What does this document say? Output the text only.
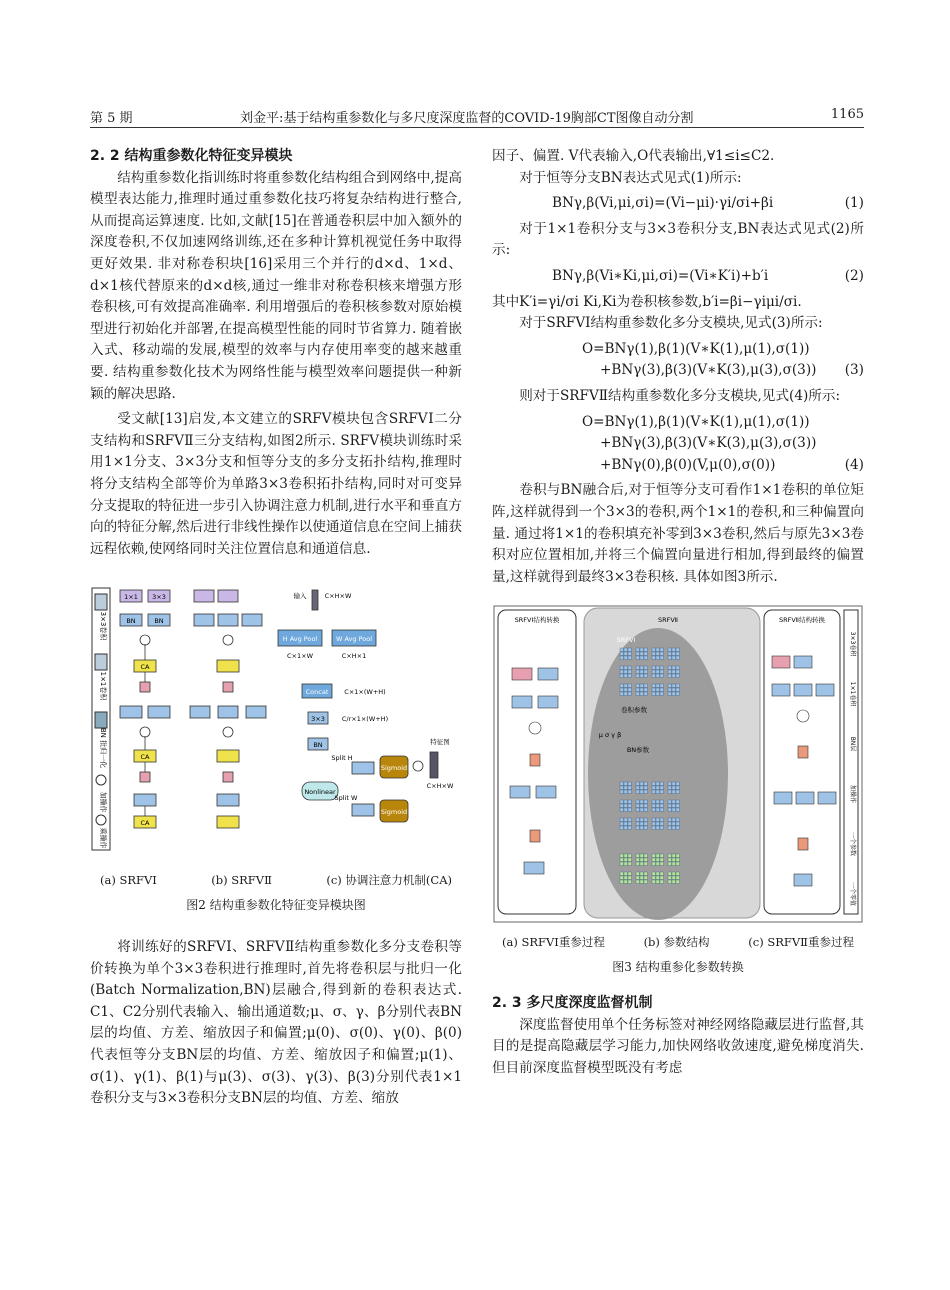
第 5 期	刘金平:基于结构重参数化与多尺度深度监督的COVID-19胸部CT图像自动分割	1165

2. 2 结构重参数化特征变异模块

结构重参数化指训练时将重参数化结构组合到网络中,提高模型表达能力,推理时通过重参数化技巧将复杂结构进行整合,从而提高运算速度. 比如,文献[15]在普通卷积层中加入额外的深度卷积,不仅加速网络训练,还在多种计算机视觉任务中取得更好效果. 非对称卷积块[16]采用三个并行的d×d、1×d、d×1核代替原来的d×d核,通过一维非对称卷积核来增强方形卷积核,可有效提高准确率. 利用增强后的卷积核参数对原始模型进行初始化并部署,在提高模型性能的同时节省算力. 随着嵌入式、移动端的发展,模型的效率与内存使用率变的越来越重要. 结构重参数化技术为网络性能与模型效率问题提供一种新颖的解决思路.

受文献[13]启发,本文建立的SRFV模块包含SRFVⅠ二分支结构和SRFVⅡ三分支结构,如图2所示. SRFV模块训练时采用1×1分支、3×3分支和恒等分支的多分支拓扑结构,推理时将分支结构全部等价为单路3×3卷积拓扑结构,同时对可变异分支提取的特征进一步引入协调注意力机制,进行水平和垂直方向的特征分解,然后进行非线性操作以使通道信息在空间上捕获远程依赖,使网络同时关注位置信息和通道信息.

3×3卷积
1×1卷积
BN 批归一化
加操作
乘操作
1×1 3×3
BN	BN
CA
CA
CA
输入	C×H×W
H Avg Pool	W Avg Pool
C×1×W	C×H×1
Concat C×1×(W+H)
3×3	C/r×1×(W+H)
BN
Nonlinear
Split H
Split W
Sigmoid
Sigmoid
特征图
C×H×W
(a) SRFVⅠ	(b) SRFVⅡ	(c) 协调注意力机制(CA)
图2 结构重参数化特征变异模块图

将训练好的SRFVⅠ、SRFVⅡ结构重参数化多分支卷积等价转换为单个3×3卷积进行推理时,首先将卷积层与批归一化(Batch Normalization,BN)层融合,得到新的卷积表达式. C1、C2分别代表输入、输出通道数;μ、σ、γ、β分别代表BN层的均值、方差、缩放因子和偏置;μ(0)、σ(0)、γ(0)、β(0)代表恒等分支BN层的均值、方差、缩放因子和偏置;μ(1)、σ(1)、γ(1)、β(1)与μ(3)、σ(3)、γ(3)、β(3)分别代表1×1卷积分支与3×3卷积分支BN层的均值、方差、缩放

因子、偏置. V代表输入,O代表输出,∀1≤i≤C2.

对于恒等分支BN表达式见式(1)所示:

BNγ,β(Vi,μi,σi)=(Vi−μi)·γi/σi+βi	(1)

对于1×1卷积分支与3×3卷积分支,BN表达式见式(2)所示:

BNγ,β(Vi∗Ki,μi,σi)=(Vi∗K′i)+b′i	(2)

其中K′i=γi/σi Ki,Ki为卷积核参数,b′i=βi−γiμi/σi.

对于SRFVⅠ结构重参数化多分支模块,见式(3)所示:

O=BNγ(1),β(1)(V∗K(1),μ(1),σ(1))
+BNγ(3),β(3)(V∗K(3),μ(3),σ(3)) (3)

则对于SRFVⅡ结构重参数化多分支模块,见式(4)所示:

O=BNγ(1),β(1)(V∗K(1),μ(1),σ(1))
+BNγ(3),β(3)(V∗K(3),μ(3),σ(3))
+BNγ(0),β(0)(V,μ(0),σ(0))	(4)

卷积与BN融合后,对于恒等分支可看作1×1卷积的单位矩阵,这样就得到一个3×3的卷积,两个1×1的卷积,和三种偏置向量. 通过将1×1的卷积填充补零到3×3卷积,然后与原先3×3卷积对应位置相加,并将三个偏置向量进行相加,得到最终的偏置量,这样就得到最终3×3卷积核. 具体如图3所示.

SRFVⅠ结构转换	SRFVⅡ	SRFVⅡ结构转换
SRFVⅠ
卷积参数
BN参数
μ σ γ β
3×3卷积
1×1卷积
BN层
加操作
一个参数
一个零值
(a) SRFVⅠ重参过程	(b) 参数结构	(c) SRFVⅡ重参过程
图3 结构重参化参数转换

2. 3 多尺度深度监督机制

深度监督使用单个任务标签对神经网络隐藏层进行监督,其目的是提高隐藏层学习能力,加快网络收敛速度,避免梯度消失. 但目前深度监督模型既没有考虑
